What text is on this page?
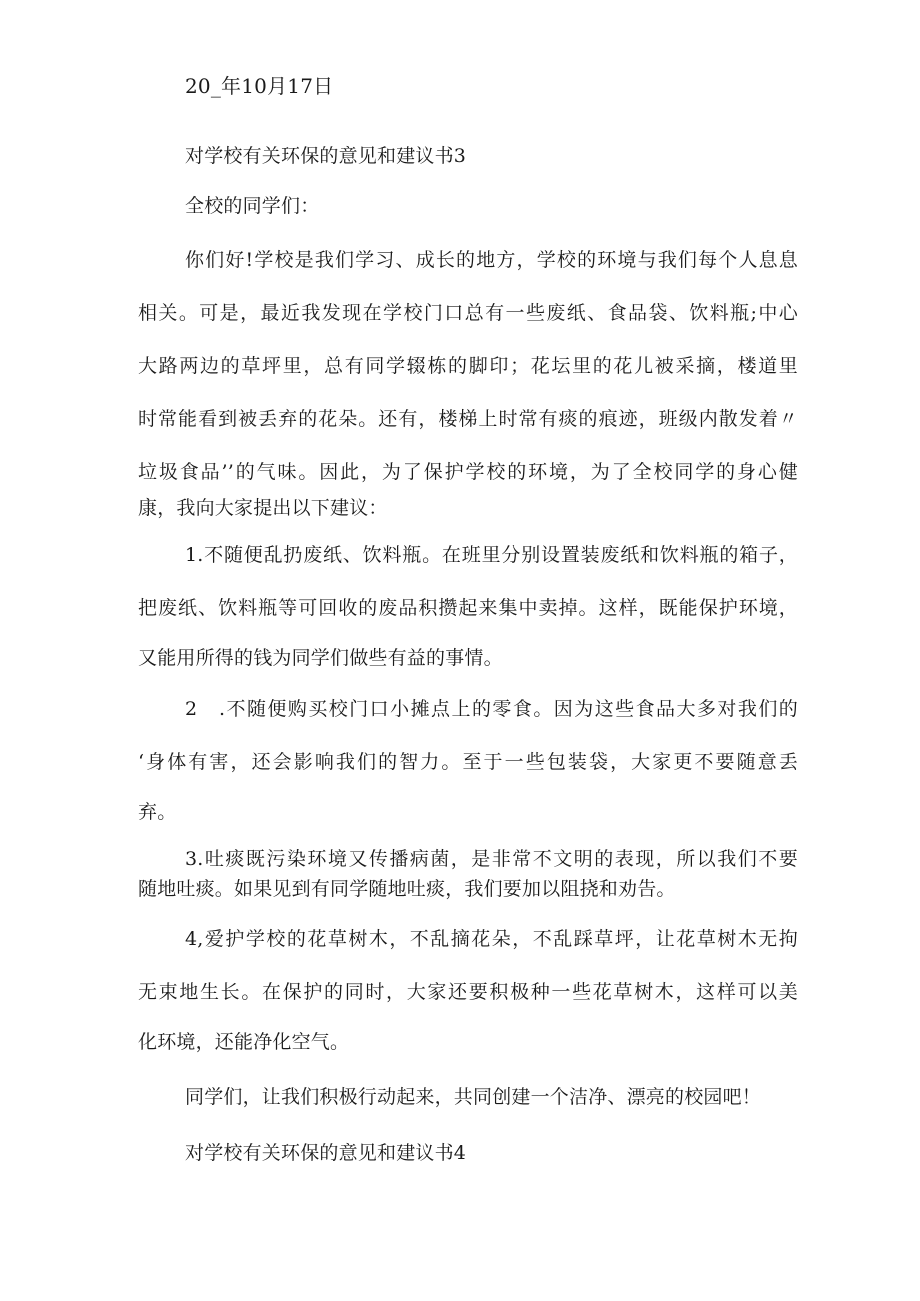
20_年10月17日
对学校有关环保的意见和建议书3
全校的同学们：
你们好!学校是我们学习、成长的地方，学校的环境与我们每个人息息
相关。可是，最近我发现在学校门口总有一些废纸、食品袋、饮料瓶;中心
大路两边的草坪里，总有同学辍栋的脚印；花坛里的花儿被采摘，楼道里
时常能看到被丢弃的花朵。还有，楼梯上时常有痰的痕迹，班级内散发着〃
垃圾食品’’的气味。因此，为了保护学校的环境，为了全校同学的身心健
康，我向大家提出以下建议：
1.不随便乱扔废纸、饮料瓶。在班里分别设置装废纸和饮料瓶的箱子，
把废纸、饮料瓶等可回收的废品积攒起来集中卖掉。这样，既能保护环境，
又能用所得的钱为同学们做些有益的事情。
2　.不随便购买校门口小摊点上的零食。因为这些食品大多对我们的
‘身体有害，还会影响我们的智力。至于一些包装袋，大家更不要随意丢
弃。
3.吐痰既污染环境又传播病菌，是非常不文明的表现，所以我们不要
随地吐痰。如果见到有同学随地吐痰，我们要加以阻挠和劝告。
4,爱护学校的花草树木，不乱摘花朵，不乱踩草坪，让花草树木无拘
无束地生长。在保护的同时，大家还要积极种一些花草树木，这样可以美
化环境，还能净化空气。
同学们，让我们积极行动起来，共同创建一个洁净、漂亮的校园吧！
对学校有关环保的意见和建议书4
